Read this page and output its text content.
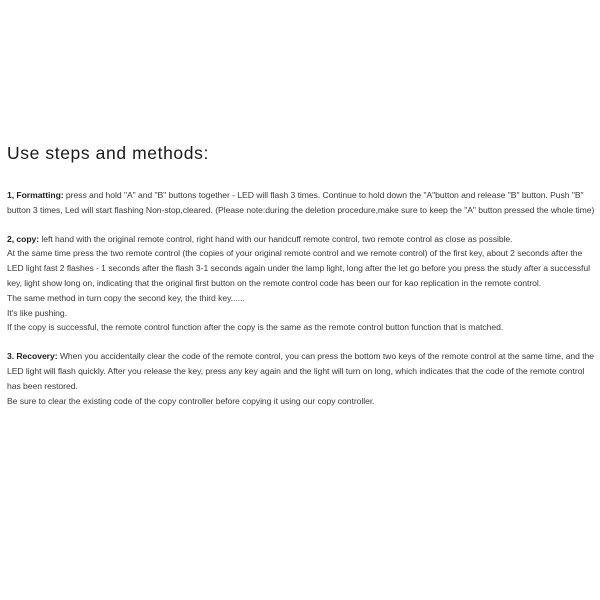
Use steps and methods:

1, Formatting: press and hold "A" and "B" buttons together - LED will flash 3 times. Continue to hold down the "A"button and release "B" button. Push "B" button 3 times, Led will start flashing Non-stop,cleared. (Please note:during the deletion procedure,make sure to keep the "A" button pressed the whole time)

2, copy: left hand with the original remote control, right hand with our handcuff remote control, two remote control as close as possible.

At the same time press the two remote control (the copies of your original remote control and we remote control) of the first key, about 2 seconds after the LED light fast 2 flashes - 1 seconds after the flash 3-1 seconds again under the lamp light, long after the let go before you press the study after a successful key, light show long on, indicating that the original first button on the remote control code has been our for kao replication in the remote control.

The same method in turn copy the second key, the third key......

It's like pushing.

If the copy is successful, the remote control function after the copy is the same as the remote control button function that is matched.

3. Recovery: When you accidentally clear the code of the remote control, you can press the bottom two keys of the remote control at the same time, and the LED light will flash quickly. After you release the key, press any key again and the light will turn on long, which indicates that the code of the remote control has been restored.

Be sure to clear the existing code of the copy controller before copying it using our copy controller.
